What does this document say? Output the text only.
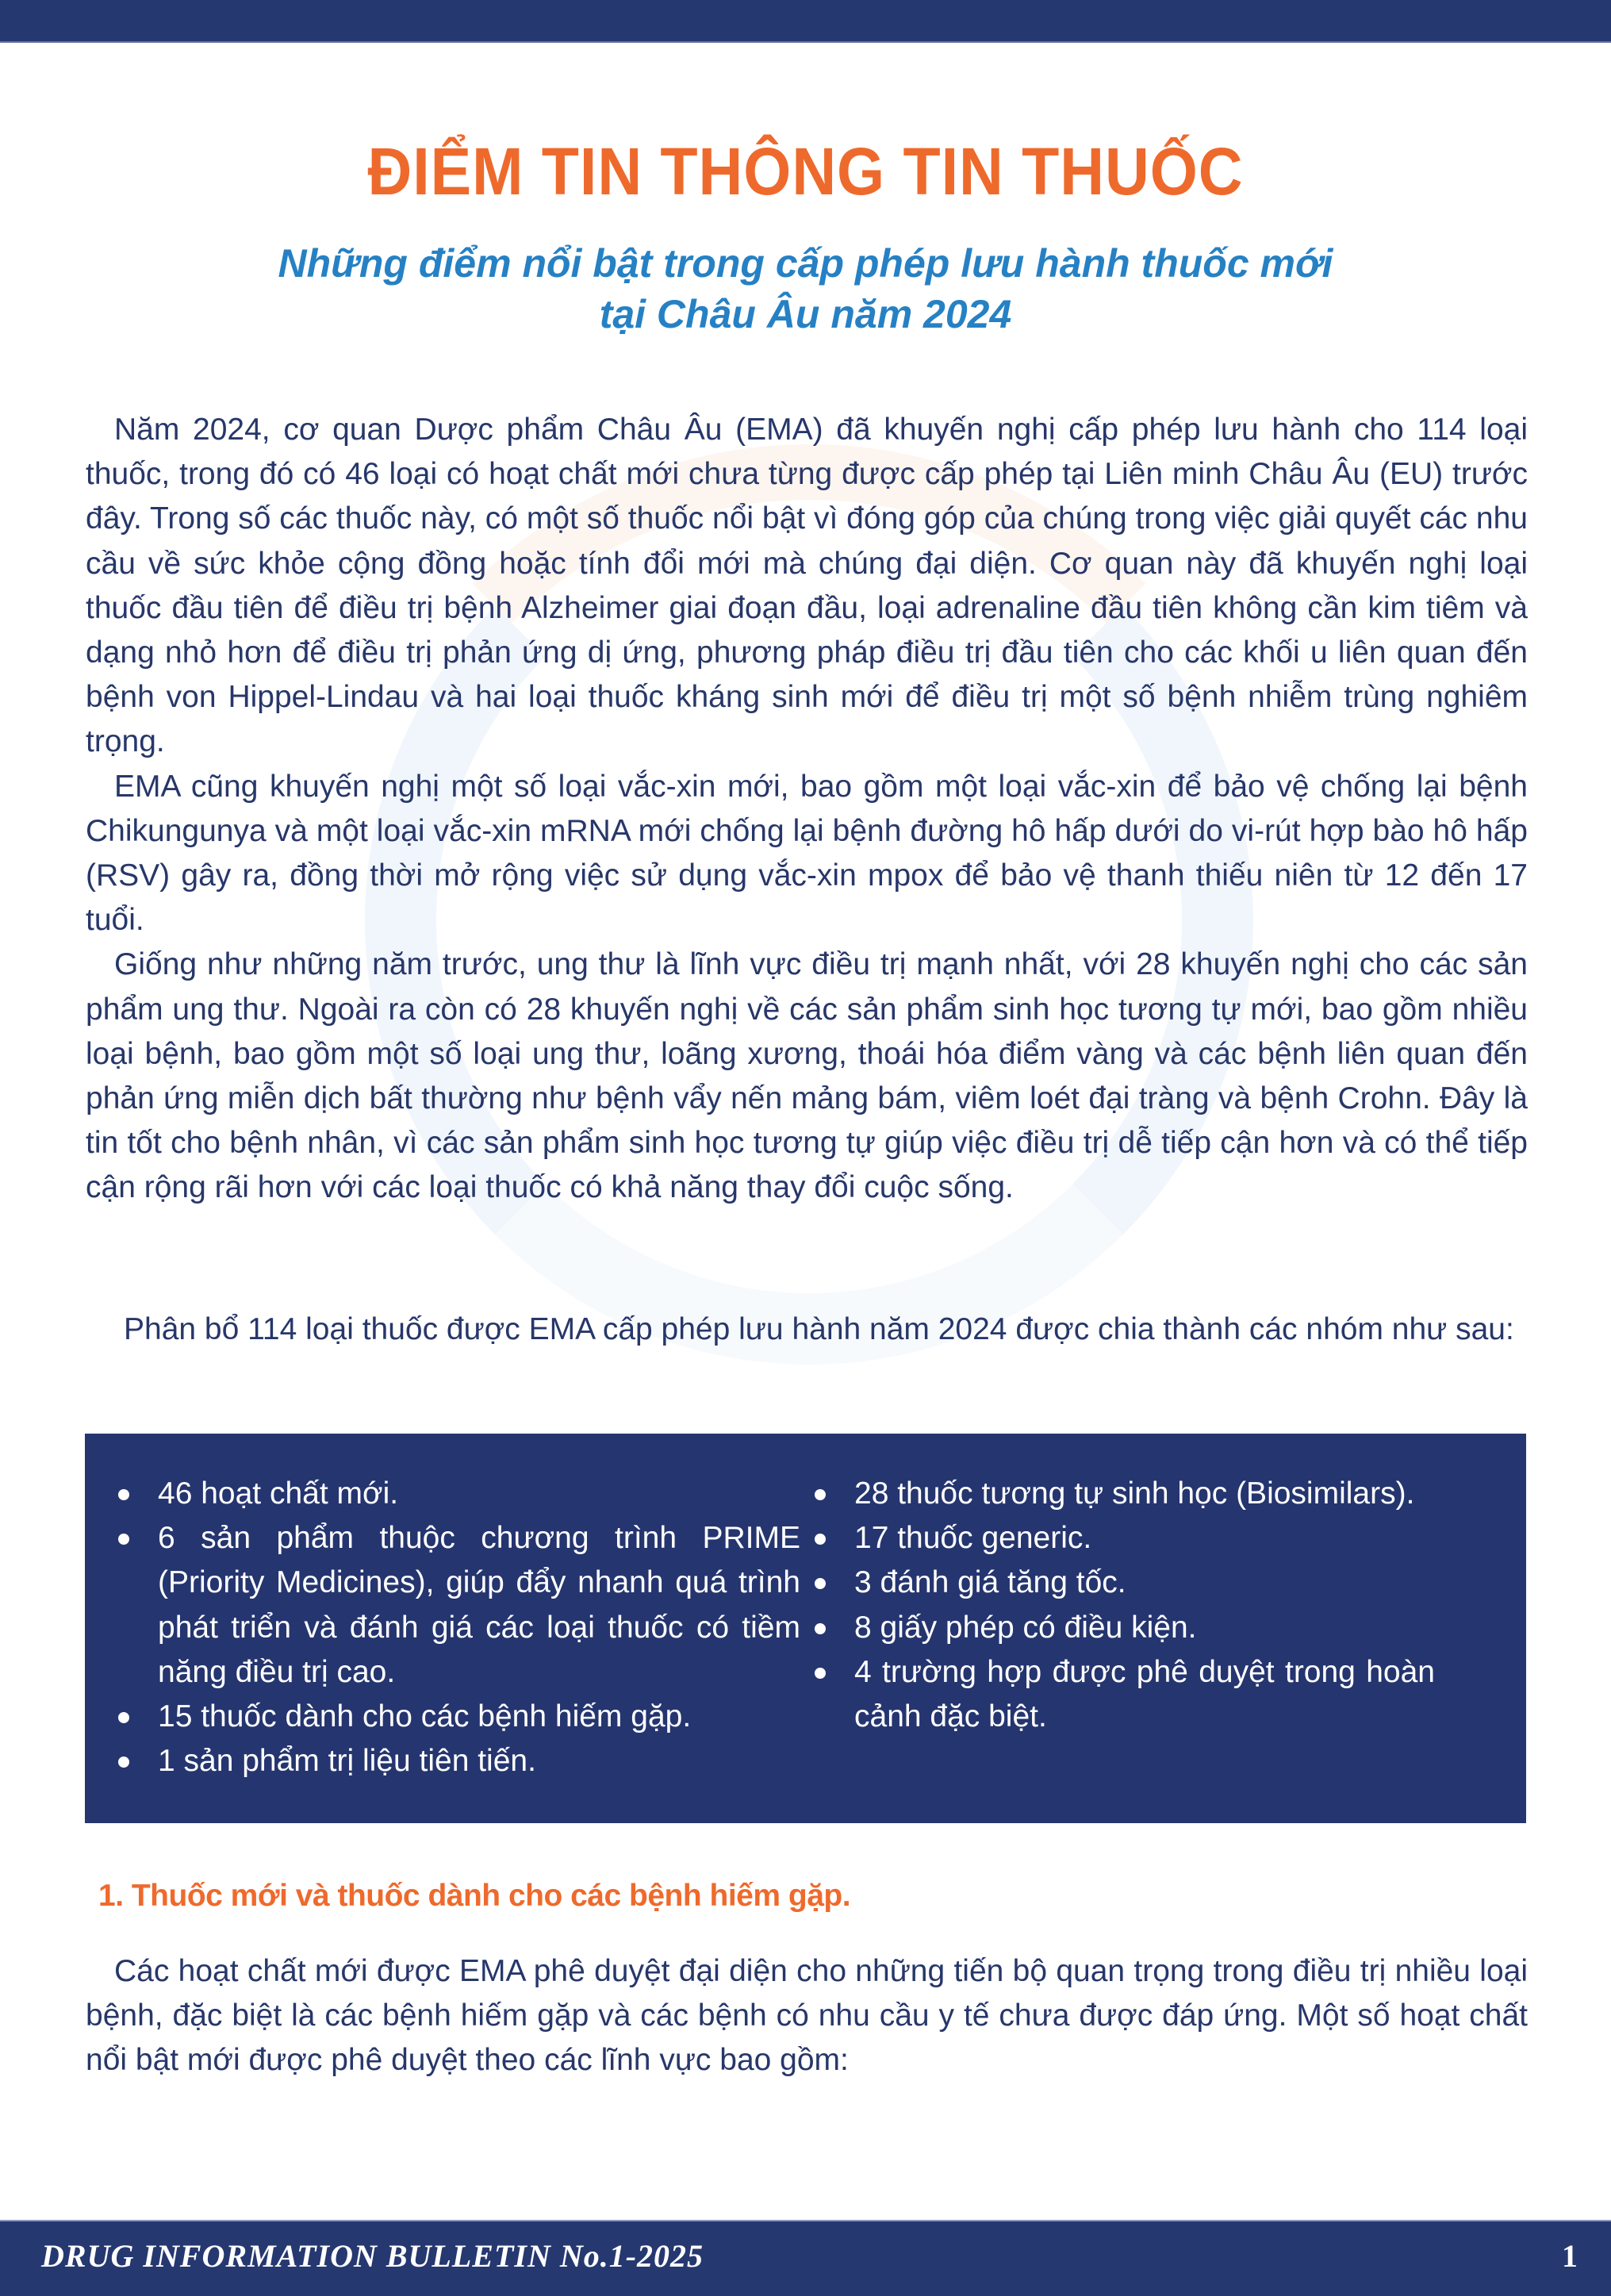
ĐIỂM TIN THÔNG TIN THUỐC
Những điểm nổi bật trong cấp phép lưu hành thuốc mới
tại Châu Âu năm 2024

Năm 2024, cơ quan Dược phẩm Châu Âu (EMA) đã khuyến nghị cấp phép lưu hành cho 114 loại thuốc, trong đó có 46 loại có hoạt chất mới chưa từng được cấp phép tại Liên minh Châu Âu (EU) trước đây. Trong số các thuốc này, có một số thuốc nổi bật vì đóng góp của chúng trong việc giải quyết các nhu cầu về sức khỏe cộng đồng hoặc tính đổi mới mà chúng đại diện. Cơ quan này đã khuyến nghị loại thuốc đầu tiên để điều trị bệnh Alzheimer giai đoạn đầu, loại adrenaline đầu tiên không cần kim tiêm và dạng nhỏ hơn để điều trị phản ứng dị ứng, phương pháp điều trị đầu tiên cho các khối u liên quan đến bệnh von Hippel-Lindau và hai loại thuốc kháng sinh mới để điều trị một số bệnh nhiễm trùng nghiêm trọng.

EMA cũng khuyến nghị một số loại vắc-xin mới, bao gồm một loại vắc-xin để bảo vệ chống lại bệnh Chikungunya và một loại vắc-xin mRNA mới chống lại bệnh đường hô hấp dưới do vi-rút hợp bào hô hấp (RSV) gây ra, đồng thời mở rộng việc sử dụng vắc-xin mpox để bảo vệ thanh thiếu niên từ 12 đến 17 tuổi.

Giống như những năm trước, ung thư là lĩnh vực điều trị mạnh nhất, với 28 khuyến nghị cho các sản phẩm ung thư. Ngoài ra còn có 28 khuyến nghị về các sản phẩm sinh học tương tự mới, bao gồm nhiều loại bệnh, bao gồm một số loại ung thư, loãng xương, thoái hóa điểm vàng và các bệnh liên quan đến phản ứng miễn dịch bất thường như bệnh vẩy nến mảng bám, viêm loét đại tràng và bệnh Crohn. Đây là tin tốt cho bệnh nhân, vì các sản phẩm sinh học tương tự giúp việc điều trị dễ tiếp cận hơn và có thể tiếp cận rộng rãi hơn với các loại thuốc có khả năng thay đổi cuộc sống.

Phân bổ 114 loại thuốc được EMA cấp phép lưu hành năm 2024 được chia thành các nhóm như sau:

46 hoạt chất mới.
6 sản phẩm thuộc chương trình PRIME (Priority Medicines), giúp đẩy nhanh quá trình phát triển và đánh giá các loại thuốc có tiềm năng điều trị cao.
15 thuốc dành cho các bệnh hiếm gặp.
1 sản phẩm trị liệu tiên tiến.
28 thuốc tương tự sinh học (Biosimilars).
17 thuốc generic.
3 đánh giá tăng tốc.
8 giấy phép có điều kiện.
4 trường hợp được phê duyệt trong hoàn cảnh đặc biệt.
1. Thuốc mới và thuốc dành cho các bệnh hiếm gặp.

Các hoạt chất mới được EMA phê duyệt đại diện cho những tiến bộ quan trọng trong điều trị nhiều loại bệnh, đặc biệt là các bệnh hiếm gặp và các bệnh có nhu cầu y tế chưa được đáp ứng. Một số hoạt chất nổi bật mới được phê duyệt theo các lĩnh vực bao gồm:

DRUG INFORMATION BULLETIN No.1-2025	1
